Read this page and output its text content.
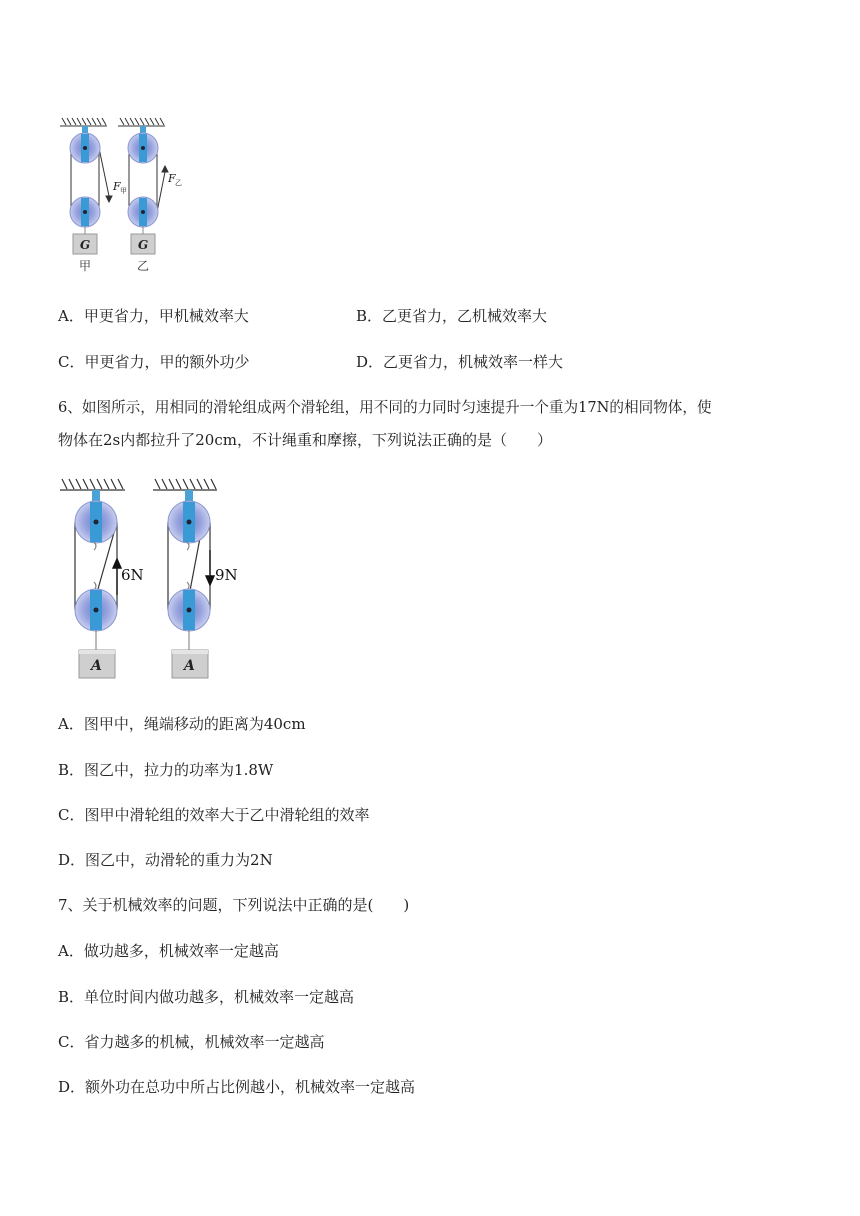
F 甲
F 乙
G	G
甲	乙
A．甲更省力，甲机械效率大	B．乙更省力，乙机械效率大
C．甲更省力，甲的额外功少	D．乙更省力，机械效率一样大
6、如图所示，用相同的滑轮组成两个滑轮组，用不同的力同时匀速提升一个重为17N的相同物体，使
物体在2s内都拉升了20cm，不计绳重和摩擦，下列说法正确的是（　　）
6N	9N
A	A
A．图甲中，绳端移动的距离为40cm
B．图乙中，拉力的功率为1.8W
C．图甲中滑轮组的效率大于乙中滑轮组的效率
D．图乙中，动滑轮的重力为2N
7、关于机械效率的问题，下列说法中正确的是(　　)
A．做功越多，机械效率一定越高
B．单位时间内做功越多，机械效率一定越高
C．省力越多的机械，机械效率一定越高
D．额外功在总功中所占比例越小，机械效率一定越高
